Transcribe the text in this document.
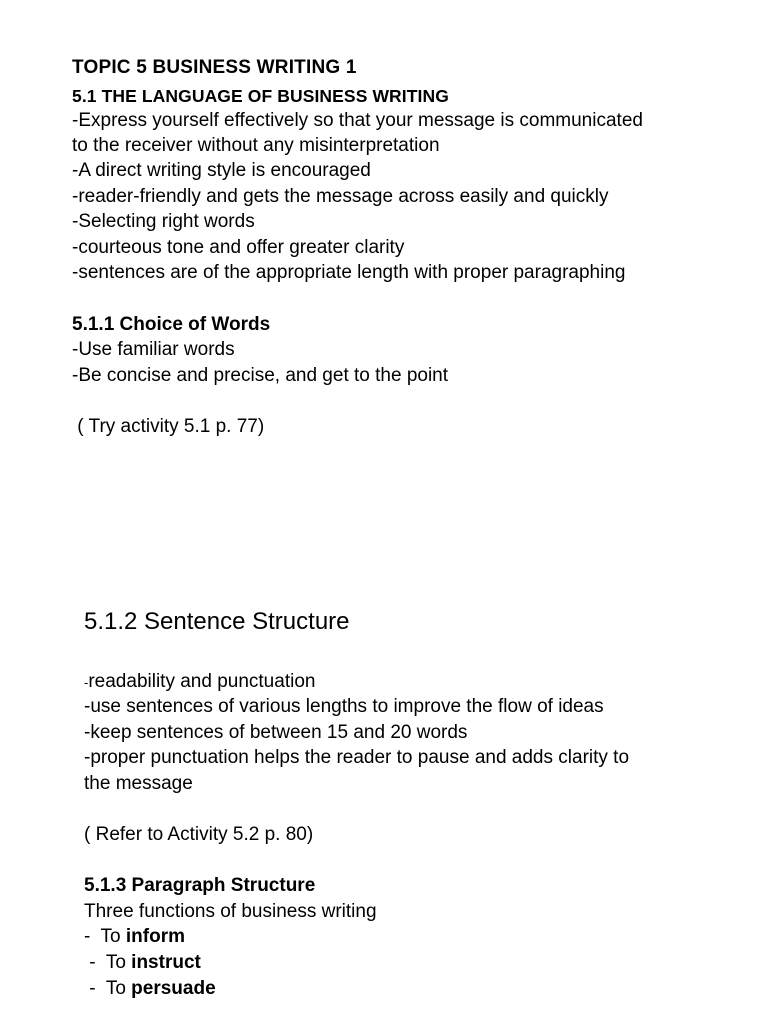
TOPIC 5 BUSINESS WRITING 1
5.1 THE LANGUAGE OF BUSINESS WRITING
-Express yourself effectively so that your message is communicated
to the receiver without any misinterpretation
-A direct writing style is encouraged
-reader-friendly and gets the message across easily and quickly
-Selecting right words
-courteous tone and offer greater clarity
-sentences are of the appropriate length with proper paragraphing
5.1.1 Choice of Words
-Use familiar words
-Be concise and precise, and get to the point
( Try activity 5.1 p. 77)
5.1.2 Sentence Structure
-readability and punctuation
-use sentences of various lengths to improve the flow of ideas
-keep sentences of between 15 and 20 words
-proper punctuation helps the reader to pause and adds clarity to
the message
( Refer to Activity 5.2 p. 80)
5.1.3 Paragraph Structure
Three functions of business writing
-  To inform
-  To instruct
-  To persuade
